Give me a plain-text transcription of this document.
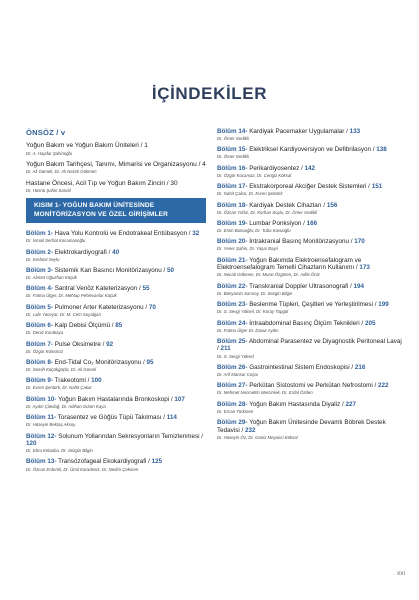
İÇİNDEKİLER
ÖNSÖZ / v
Yoğun Bakım ve Yoğun Bakım Üniteleri / 1
Dr. A. Haydar Şahinoğlu
Yoğun Bakım Tarihçesi, Tanımı, Mimarisi ve Organizasyonu / 4
Dr. Ali Gümeli, Dr. Ali Nezzti Gökmen
Hastane Öncesi, Acil Tıp ve Yoğun Bakım Zinciri / 30
Dr. Hüsnü Şahin Sandıl
KISIM 1- YOĞUN BAKIM ÜNİTESİNDE MONİTÖRİZASYON VE ÖZEL GİRİŞİMLER
Bölüm 1- Hava Yolu Kontrolü ve Endotrakeal Entübasyon / 32
Dr. İsmail Serhat Kocamanoğlu
Bölüm 2- Elektrokardiyografi / 40
Dr. Kerbost Seylu
Bölüm 3- Sistemik Kan Basıncı Monitörizasyonu / 50
Dr. Abmet Oğuzhan Küçük
Bölüm 4- Santral Venöz Kateterizasyon / 55
Dr. Fatma Ülger, Dr. Mehtap Pehlevanlar Küçük
Bölüm 5- Pulmoner Arter Kateterizasyonu / 70
Dr. Lale Yüceyar, Dr. M. Cem Soyalgan
Bölüm 6- Kalp Debisi Ölçümü / 85
Dr. Deniz Karakaya
Bölüm 7- Pulse Oksimetre / 92
Dr. Özgür Kömürcü
Bölüm 8- End-Tidal Co₂ Monitörizasyonu / 95
Dr. Semih Küçükgüçlü, Dr. Ali Gürerli
Bölüm 9- Trakeotomi / 100
Dr. Evren Şentürk, Dr. Nahit Çakar
Bölüm 10- Yoğun Bakım Hastalarında Bronkoskopi / 107
Dr. Aydın Çiledağ, Dr. Adihan Gürün Kaya
Bölüm 11- Torasentez ve Göğüs Tüpü Takılması / 114
Dr. Hüseyin Bektaş Aksoy
Bölüm 12- Solunum Yollarından Sekresyonların Temizlenmesi / 120
Dr. Ebru Kelaoba, Dr. Sezgin Bilgin
Bölüm 13- Transözofageal Ekokardiyografi / 125
Dr. Özcan Erdemli, Dr. Ümit Karadeniz, Dr. Nedim Çekmen
Bölüm 14- Kardiyak Pacemaker Uygulamalar / 133
Dr. Ömer Gedikli
Bölüm 15- Elektriksel Kardiyoversiyon ve Defibrilasyon / 138
Dr. Ömer Gedikli
Bölüm 16- Perikardiyosentez / 142
Dr. Özgür Kocamaz, Dr. Cengiz Köksal
Bölüm 17- Ekstrakorporeal Akciğer Destek Sistemleri / 151
Dr. Nahit Çakar, Dr. Evren Şentürk
Bölüm 18- Kardiyak Destek Cihazları / 156
Dr. Özcan Yıldız, Dr. Korhan Soylu, Dr. Ömer Gedikli
Bölüm 19- Lumbar Ponksiyon / 166
Dr. Emin Bunuoğlu, Dr. Tuba Kavuoğlu
Bölüm 20- İntrakranial Basınç Monitörizasyonu / 170
Dr. Yener Şahin, Dr. Yaşar Bayri
Bölüm 21- Yoğun Bakımda Elektroensefalogram ve Elektroensefalogram Temelli Cihazların Kullanımı / 173
Dr. Necati Gökmen, Dr. Murat Özgören, Dr. Adile Öniz
Bölüm 22- Transkranial Doppler Ultrasonografi / 194
Dr. Bünyamin Sarısoy, Dr. Sezgin Bilgin
Bölüm 23- Beslenme Tüpleri, Çeşitleri ve Yerleştirilmesi / 199
Dr. S. Sevgi Yüksel, Dr. Koray Topgül
Bölüm 24- İntraabdominal Basınç Ölçüm Teknikleri / 205
Dr. Fatma Ülger Dr. Davut Aydın
Bölüm 25- Abdominal Parasentez ve Diyagnostik Peritoneal Lavaj / 211
Dr. S. Sevgi Yüksel
Bölüm 26- Gastrointestinal Sistem Endoskopisi / 216
Dr. Arif Mansur Coşar
Bölüm 27- Perkütan Sistostomi ve Perkütan Nefrostomi / 222
Dr. Mehmet Necmettin Mercimek, Dr. Erdal Özden
Bölüm 28- Yoğun Bakım Hastasında Diyaliz / 227
Dr. Ercan Türkmen
Bölüm 29- Yoğun Bakım Ünitesinde Devamlı Böbrek Destek Tedavisi / 232
Dr. Hüseyin Öz, Dr. Güniz Meyanci Köksal
xxi
